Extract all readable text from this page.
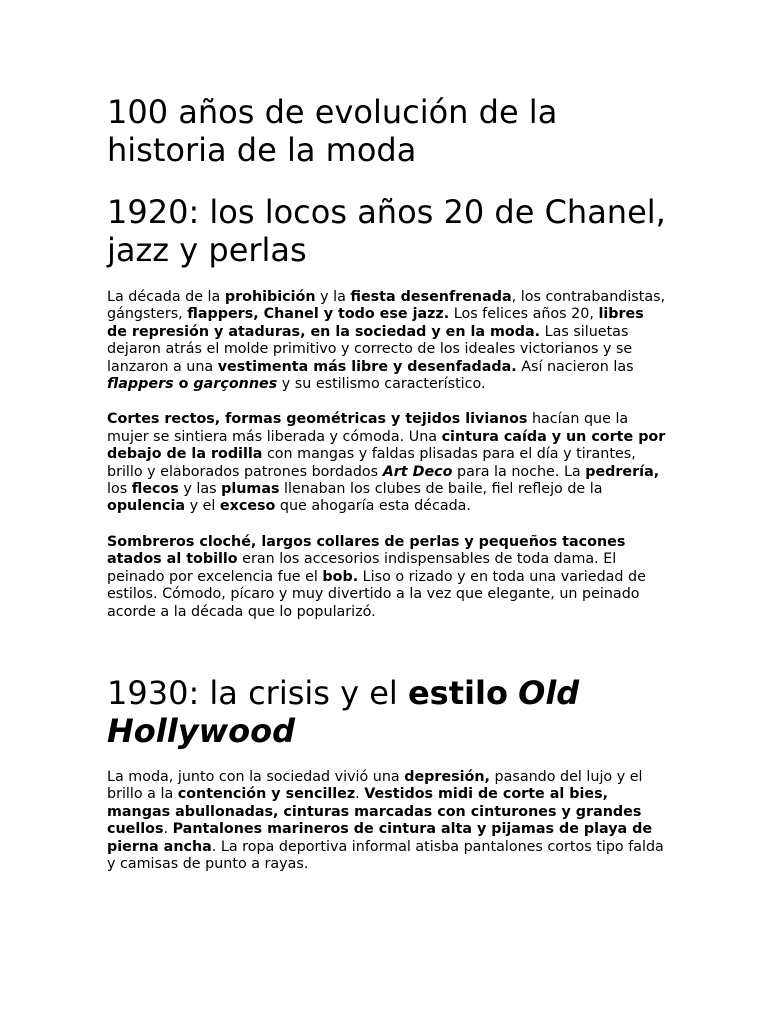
100 años de evolución de la historia de la moda
1920: los locos años 20 de Chanel, jazz y perlas

La década de la prohibición y la fiesta desenfrenada, los contrabandistas, gángsters, flappers, Chanel y todo ese jazz. Los felices años 20, libres de represión y ataduras, en la sociedad y en la moda. Las siluetas dejaron atrás el molde primitivo y correcto de los ideales victorianos y se lanzaron a una vestimenta más libre y desenfadada. Así nacieron las flappers o garçonnes y su estilismo característico.

Cortes rectos, formas geométricas y tejidos livianos hacían que la mujer se sintiera más liberada y cómoda. Una cintura caída y un corte por debajo de la rodilla con mangas y faldas plisadas para el día y tirantes, brillo y elaborados patrones bordados Art Deco para la noche. La pedrería, los flecos y las plumas llenaban los clubes de baile, fiel reflejo de la opulencia y el exceso que ahogaría esta década.

Sombreros cloché, largos collares de perlas y pequeños tacones atados al tobillo eran los accesorios indispensables de toda dama. El peinado por excelencia fue el bob. Liso o rizado y en toda una variedad de estilos. Cómodo, pícaro y muy divertido a la vez que elegante, un peinado acorde a la década que lo popularizó.

1930: la crisis y el estilo Old Hollywood

La moda, junto con la sociedad vivió una depresión, pasando del lujo y el brillo a la contención y sencillez. Vestidos midi de corte al bies, mangas abullonadas, cinturas marcadas con cinturones y grandes cuellos. Pantalones marineros de cintura alta y pijamas de playa de pierna ancha. La ropa deportiva informal atisba pantalones cortos tipo falda y camisas de punto a rayas.
